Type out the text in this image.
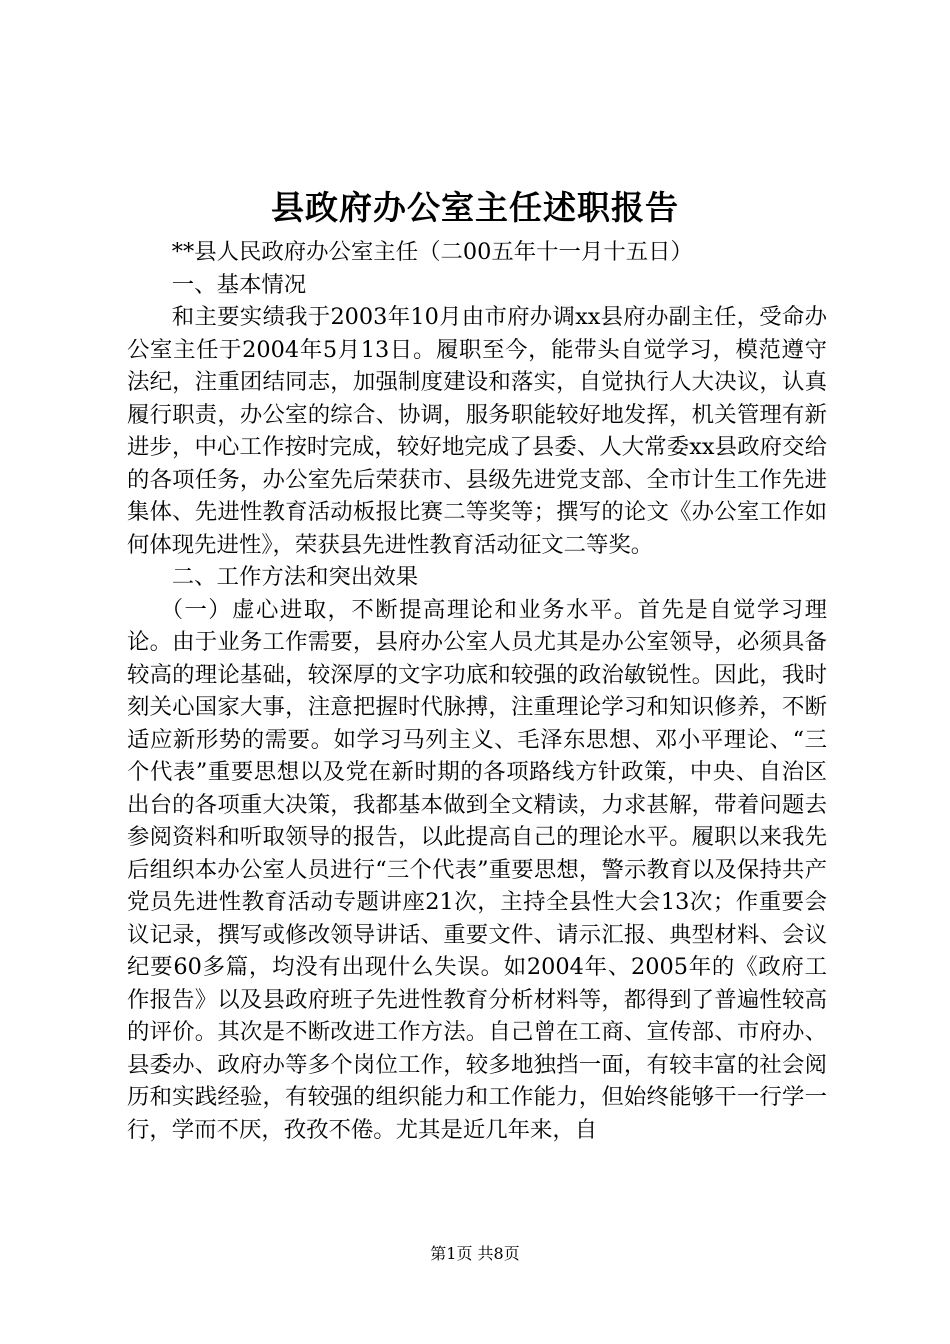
县政府办公室主任述职报告

**县人民政府办公室主任（二00五年十一月十五日）

一、基本情况

和主要实绩我于2003年10月由市府办调xx县府办副主任，受命办公室主任于2004年5月13日。履职至今，能带头自觉学习，模范遵守法纪，注重团结同志，加强制度建设和落实，自觉执行人大决议，认真履行职责，办公室的综合、协调，服务职能较好地发挥，机关管理有新进步，中心工作按时完成，较好地完成了县委、人大常委xx县政府交给的各项任务，办公室先后荣获市、县级先进党支部、全市计生工作先进集体、先进性教育活动板报比赛二等奖等；撰写的论文《办公室工作如何体现先进性》，荣获县先进性教育活动征文二等奖。

二、工作方法和突出效果

（一）虚心进取，不断提高理论和业务水平。首先是自觉学习理论。由于业务工作需要，县府办公室人员尤其是办公室领导，必须具备较高的理论基础，较深厚的文字功底和较强的政治敏锐性。因此，我时刻关心国家大事，注意把握时代脉搏，注重理论学习和知识修养，不断适应新形势的需要。如学习马列主义、毛泽东思想、邓小平理论、“三个代表”重要思想以及党在新时期的各项路线方针政策，中央、自治区出台的各项重大决策，我都基本做到全文精读，力求甚解，带着问题去参阅资料和听取领导的报告，以此提高自己的理论水平。履职以来我先后组织本办公室人员进行“三个代表”重要思想，警示教育以及保持共产党员先进性教育活动专题讲座21次，主持全县性大会13次；作重要会议记录，撰写或修改领导讲话、重要文件、请示汇报、典型材料、会议纪要60多篇，均没有出现什么失误。如2004年、2005年的《政府工作报告》以及县政府班子先进性教育分析材料等，都得到了普遍性较高的评价。其次是不断改进工作方法。自己曾在工商、宣传部、市府办、县委办、政府办等多个岗位工作，较多地独挡一面，有较丰富的社会阅历和实践经验，有较强的组织能力和工作能力，但始终能够干一行学一行，学而不厌，孜孜不倦。尤其是近几年来，自

第1页 共8页
